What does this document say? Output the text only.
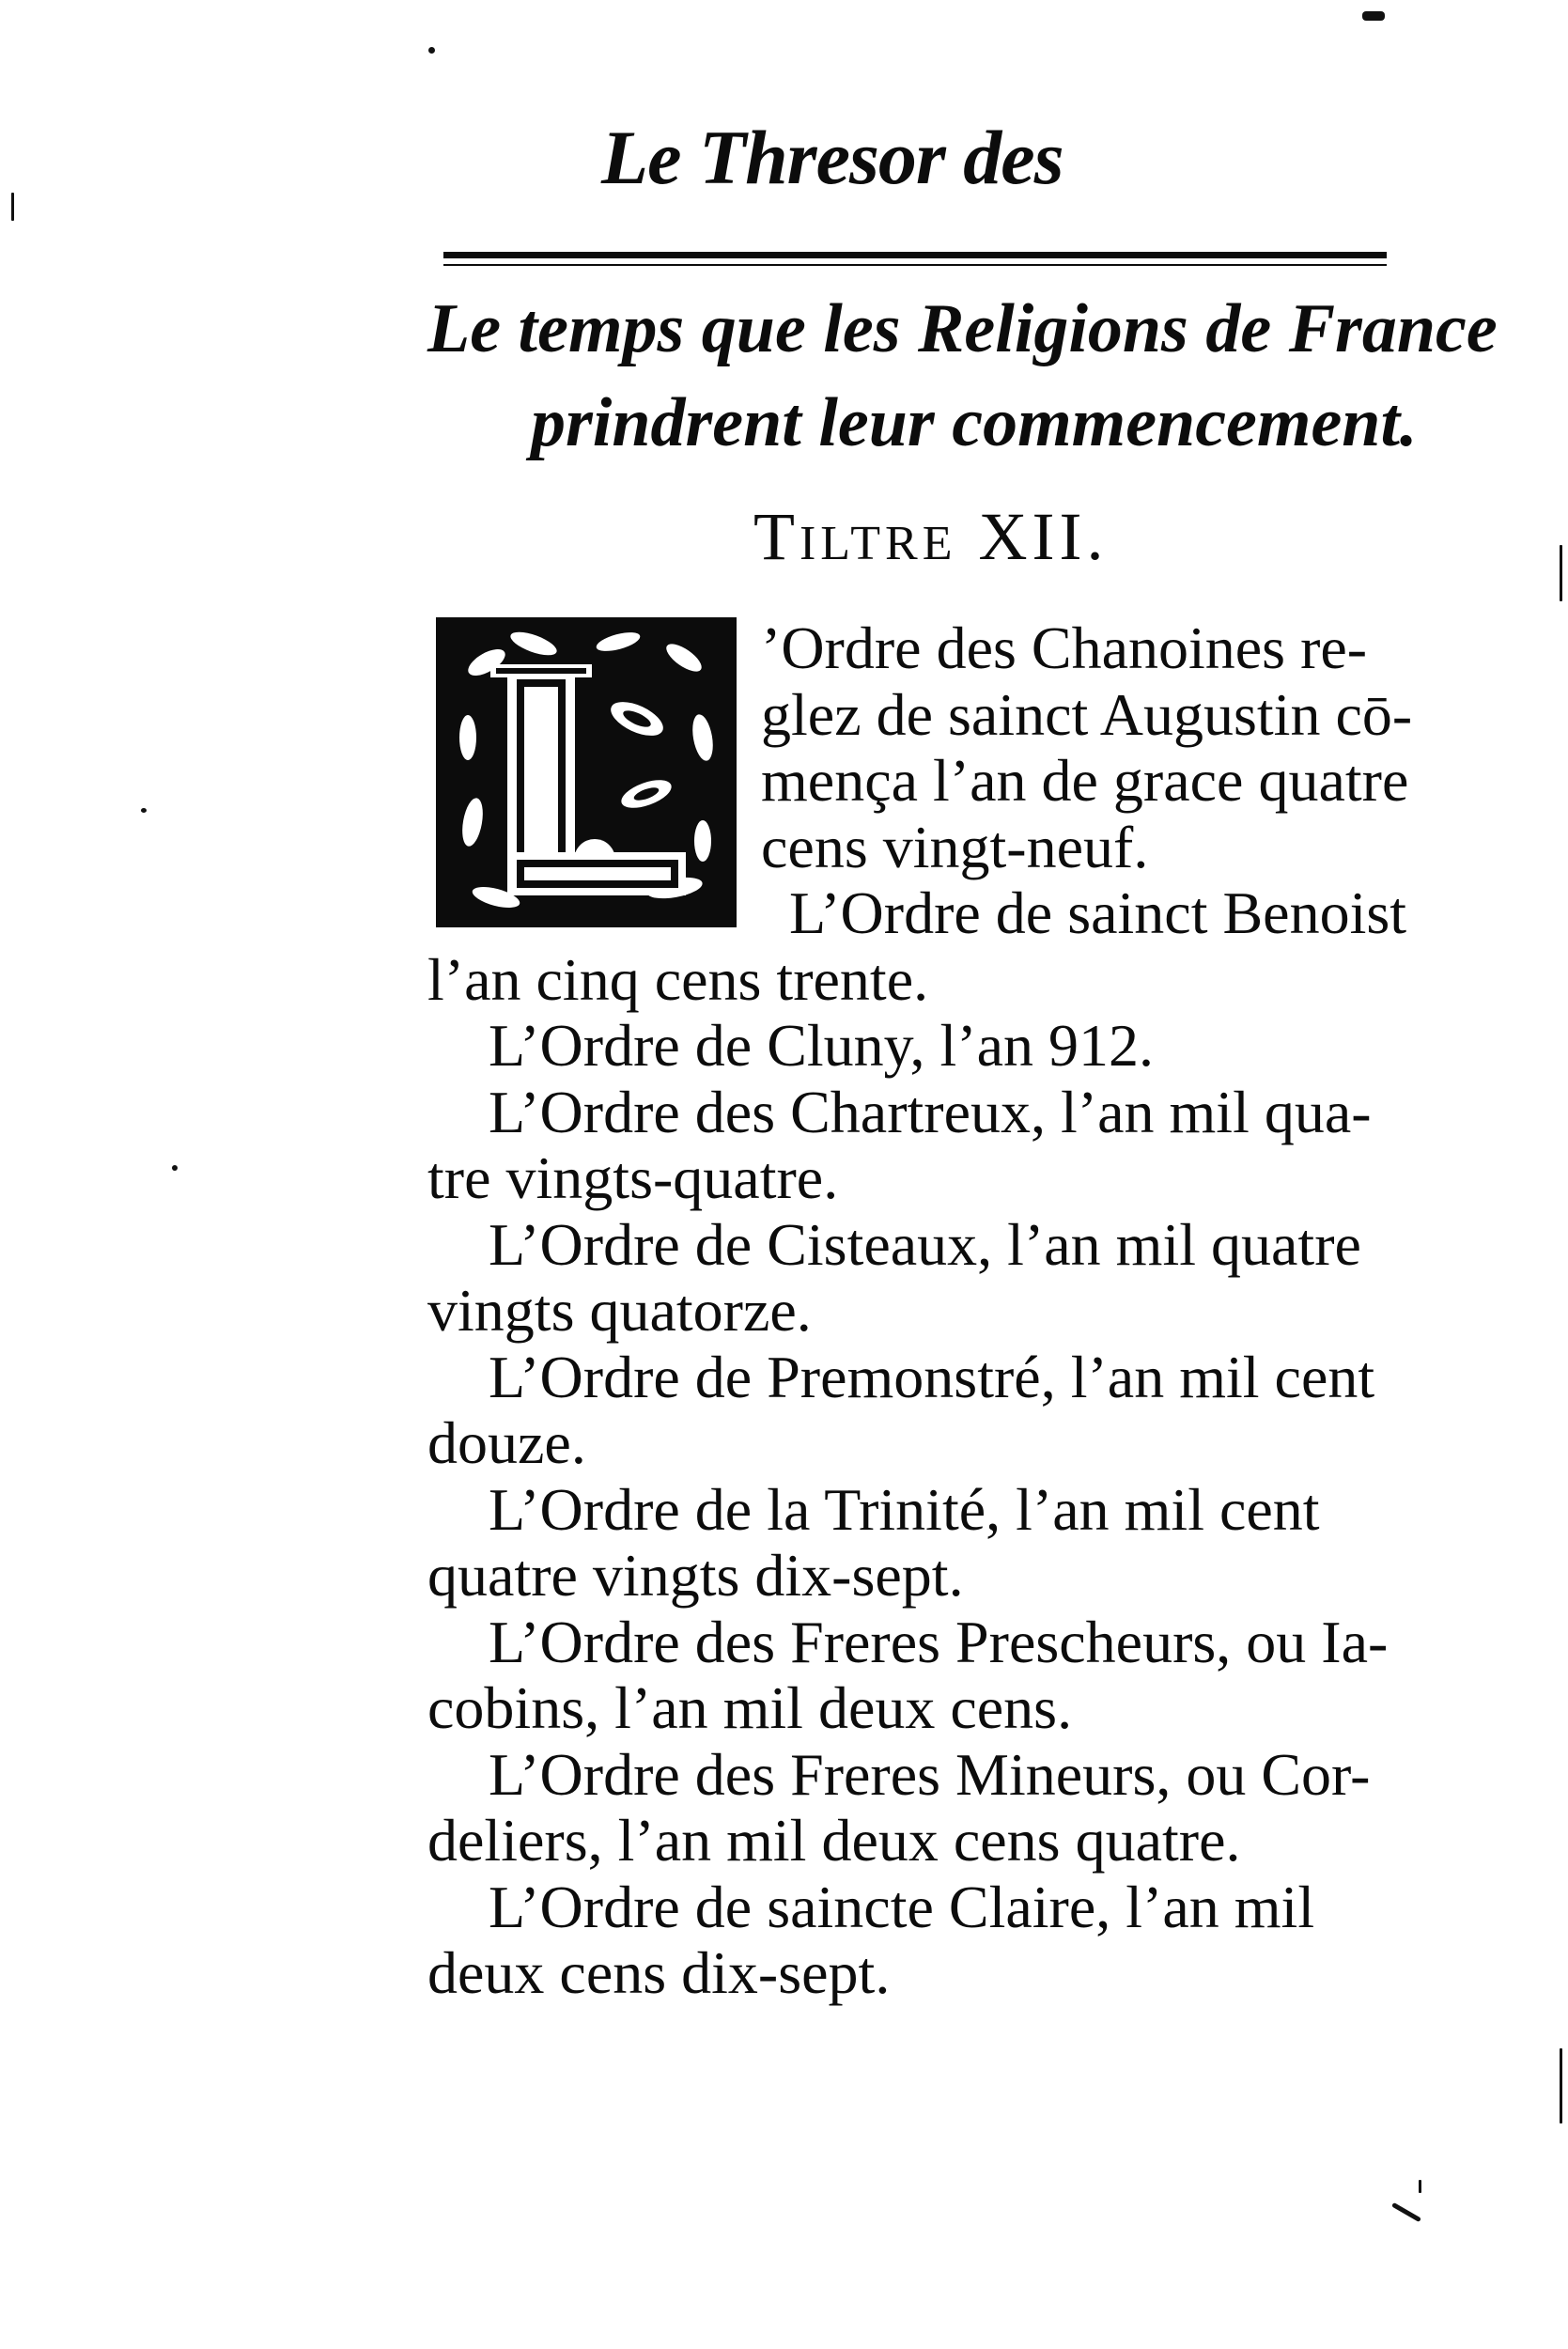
Le Thresor des
Le temps que les Religions de France
prindrent leur commencement.
TILTRE XII.
’Ordre des Chanoines re-
glez de sainct Augustin cō-
mença l’an de grace quatre
cens vingt-neuf.
L’Ordre de sainct Benoist
l’an cinq cens trente.
L’Ordre de Cluny, l’an 912.
L’Ordre des Chartreux, l’an mil qua-
tre vingts-quatre.
L’Ordre de Cisteaux, l’an mil quatre
vingts quatorze.
L’Ordre de Premonstré, l’an mil cent
douze.
L’Ordre de la Trinité, l’an mil cent
quatre vingts dix-sept.
L’Ordre des Freres Prescheurs, ou Ia-
cobins, l’an mil deux cens.
L’Ordre des Freres Mineurs, ou Cor-
deliers, l’an mil deux cens quatre.
L’Ordre de saincte Claire, l’an mil
deux cens dix-sept.
